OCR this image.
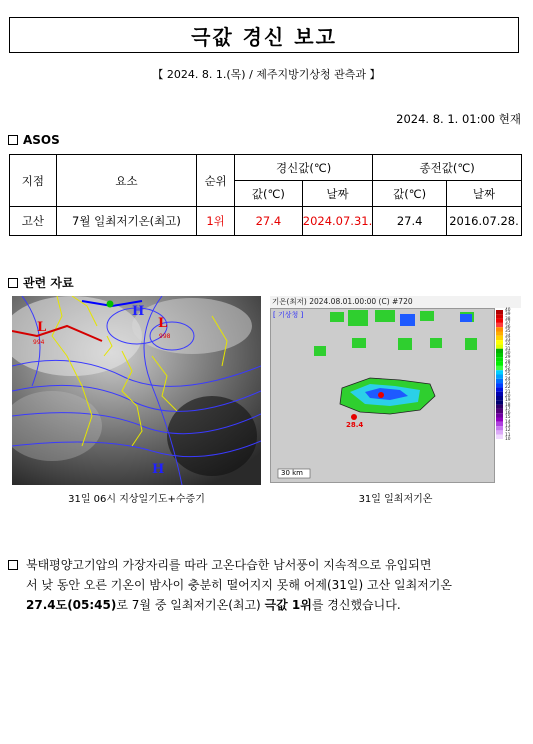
극값 경신 보고
【 2024. 8. 1.(목) / 제주지방기상청 관측과 】
2024. 8. 1. 01:00 현재
ASOS
지점	요소	순위	경신값(℃)		종전값(℃)	
			값(℃)	날짜	값(℃)	날짜
고산	7월 일최저기온(최고)	1위	27.4	2024.07.31.	27.4	2016.07.28.
관련 자료
L
994
L
998
H
H
기온(최저) 2024.08.01.00:00 (C) #720
[ 기상청 ]
28.4
30 km
40
39
38
37
36
35
34
33
32
31
30
29
28
27
26
25
24
23
22
21
20
19
18
17
16
15
14
13
12
11
10
31일 06시 지상일기도+수증기	31일 일최저기온
북태평양고기압의 가장자리를 따라 고온다습한 남서풍이 지속적으로 유입되면
서 낮 동안 오른 기온이 밤사이 충분히 떨어지지 못해 어제(31일) 고산 일최저기온
27.4도(05:45)로 7월 중 일최저기온(최고) 극값 1위를 경신했습니다.
